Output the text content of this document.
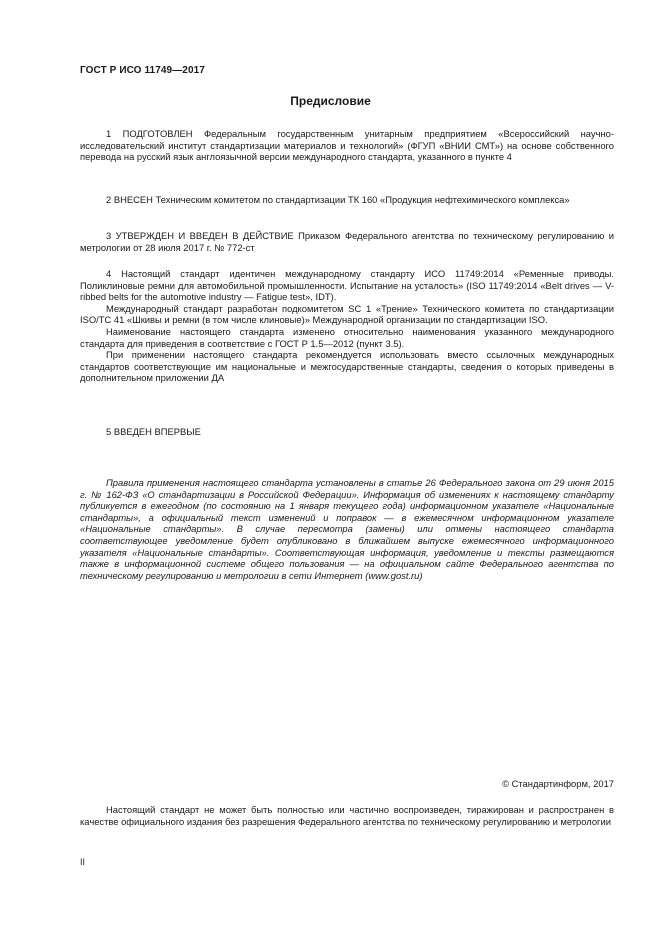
ГОСТ Р ИСО 11749—2017
Предисловие

1 ПОДГОТОВЛЕН Федеральным государственным унитарным предприятием «Всероссийский научно-исследовательский институт стандартизации материалов и технологий» (ФГУП «ВНИИ СМТ») на основе собственного перевода на русский язык англоязычной версии международного стандарта, указанного в пункте 4

2 ВНЕСЕН Техническим комитетом по стандартизации ТК 160 «Продукция нефтехимического комплекса»

3 УТВЕРЖДЕН И ВВЕДЕН В ДЕЙСТВИЕ Приказом Федерального агентства по техническому регулированию и метрологии от 28 июля 2017 г. № 772-ст

4 Настоящий стандарт идентичен международному стандарту ИСО 11749:2014 «Ременные приводы. Поликлиновые ремни для автомобильной промышленности. Испытание на усталость» (ISO 11749:2014 «Belt drives — V-ribbed belts for the automotive industry — Fatigue test», IDT).

Международный стандарт разработан подкомитетом SC 1 «Трение» Технического комитета по стандартизации ISO/TC 41 «Шкивы и ремни (в том числе клиновые)» Международной организации по стандартизации ISO.

Наименование настоящего стандарта изменено относительно наименования указанного международного стандарта для приведения в соответствие с ГОСТ Р 1.5—2012 (пункт 3.5).

При применении настоящего стандарта рекомендуется использовать вместо ссылочных международных стандартов соответствующие им национальные и межгосударственные стандарты, сведения о которых приведены в дополнительном приложении ДА

5 ВВЕДЕН ВПЕРВЫЕ

Правила применения настоящего стандарта установлены в статье 26 Федерального закона от 29 июня 2015 г. № 162-ФЗ «О стандартизации в Российской Федерации». Информация об изменениях к настоящему стандарту публикуется в ежегодном (по состоянию на 1 января текущего года) информационном указателе «Национальные стандарты», а официальный текст изменений и поправок — в ежемесячном информационном указателе «Национальные стандарты». В случае пересмотра (замены) или отмены настоящего стандарта соответствующее уведомление будет опубликовано в ближайшем выпуске ежемесячного информационного указателя «Национальные стандарты». Соответствующая информация, уведомление и тексты размещаются также в информационной системе общего пользования — на официальном сайте Федерального агентства по техническому регулированию и метрологии в сети Интернет (www.gost.ru)

© Стандартинформ, 2017

Настоящий стандарт не может быть полностью или частично воспроизведен, тиражирован и распространен в качестве официального издания без разрешения Федерального агентства по техническому регулированию и метрологии

II
